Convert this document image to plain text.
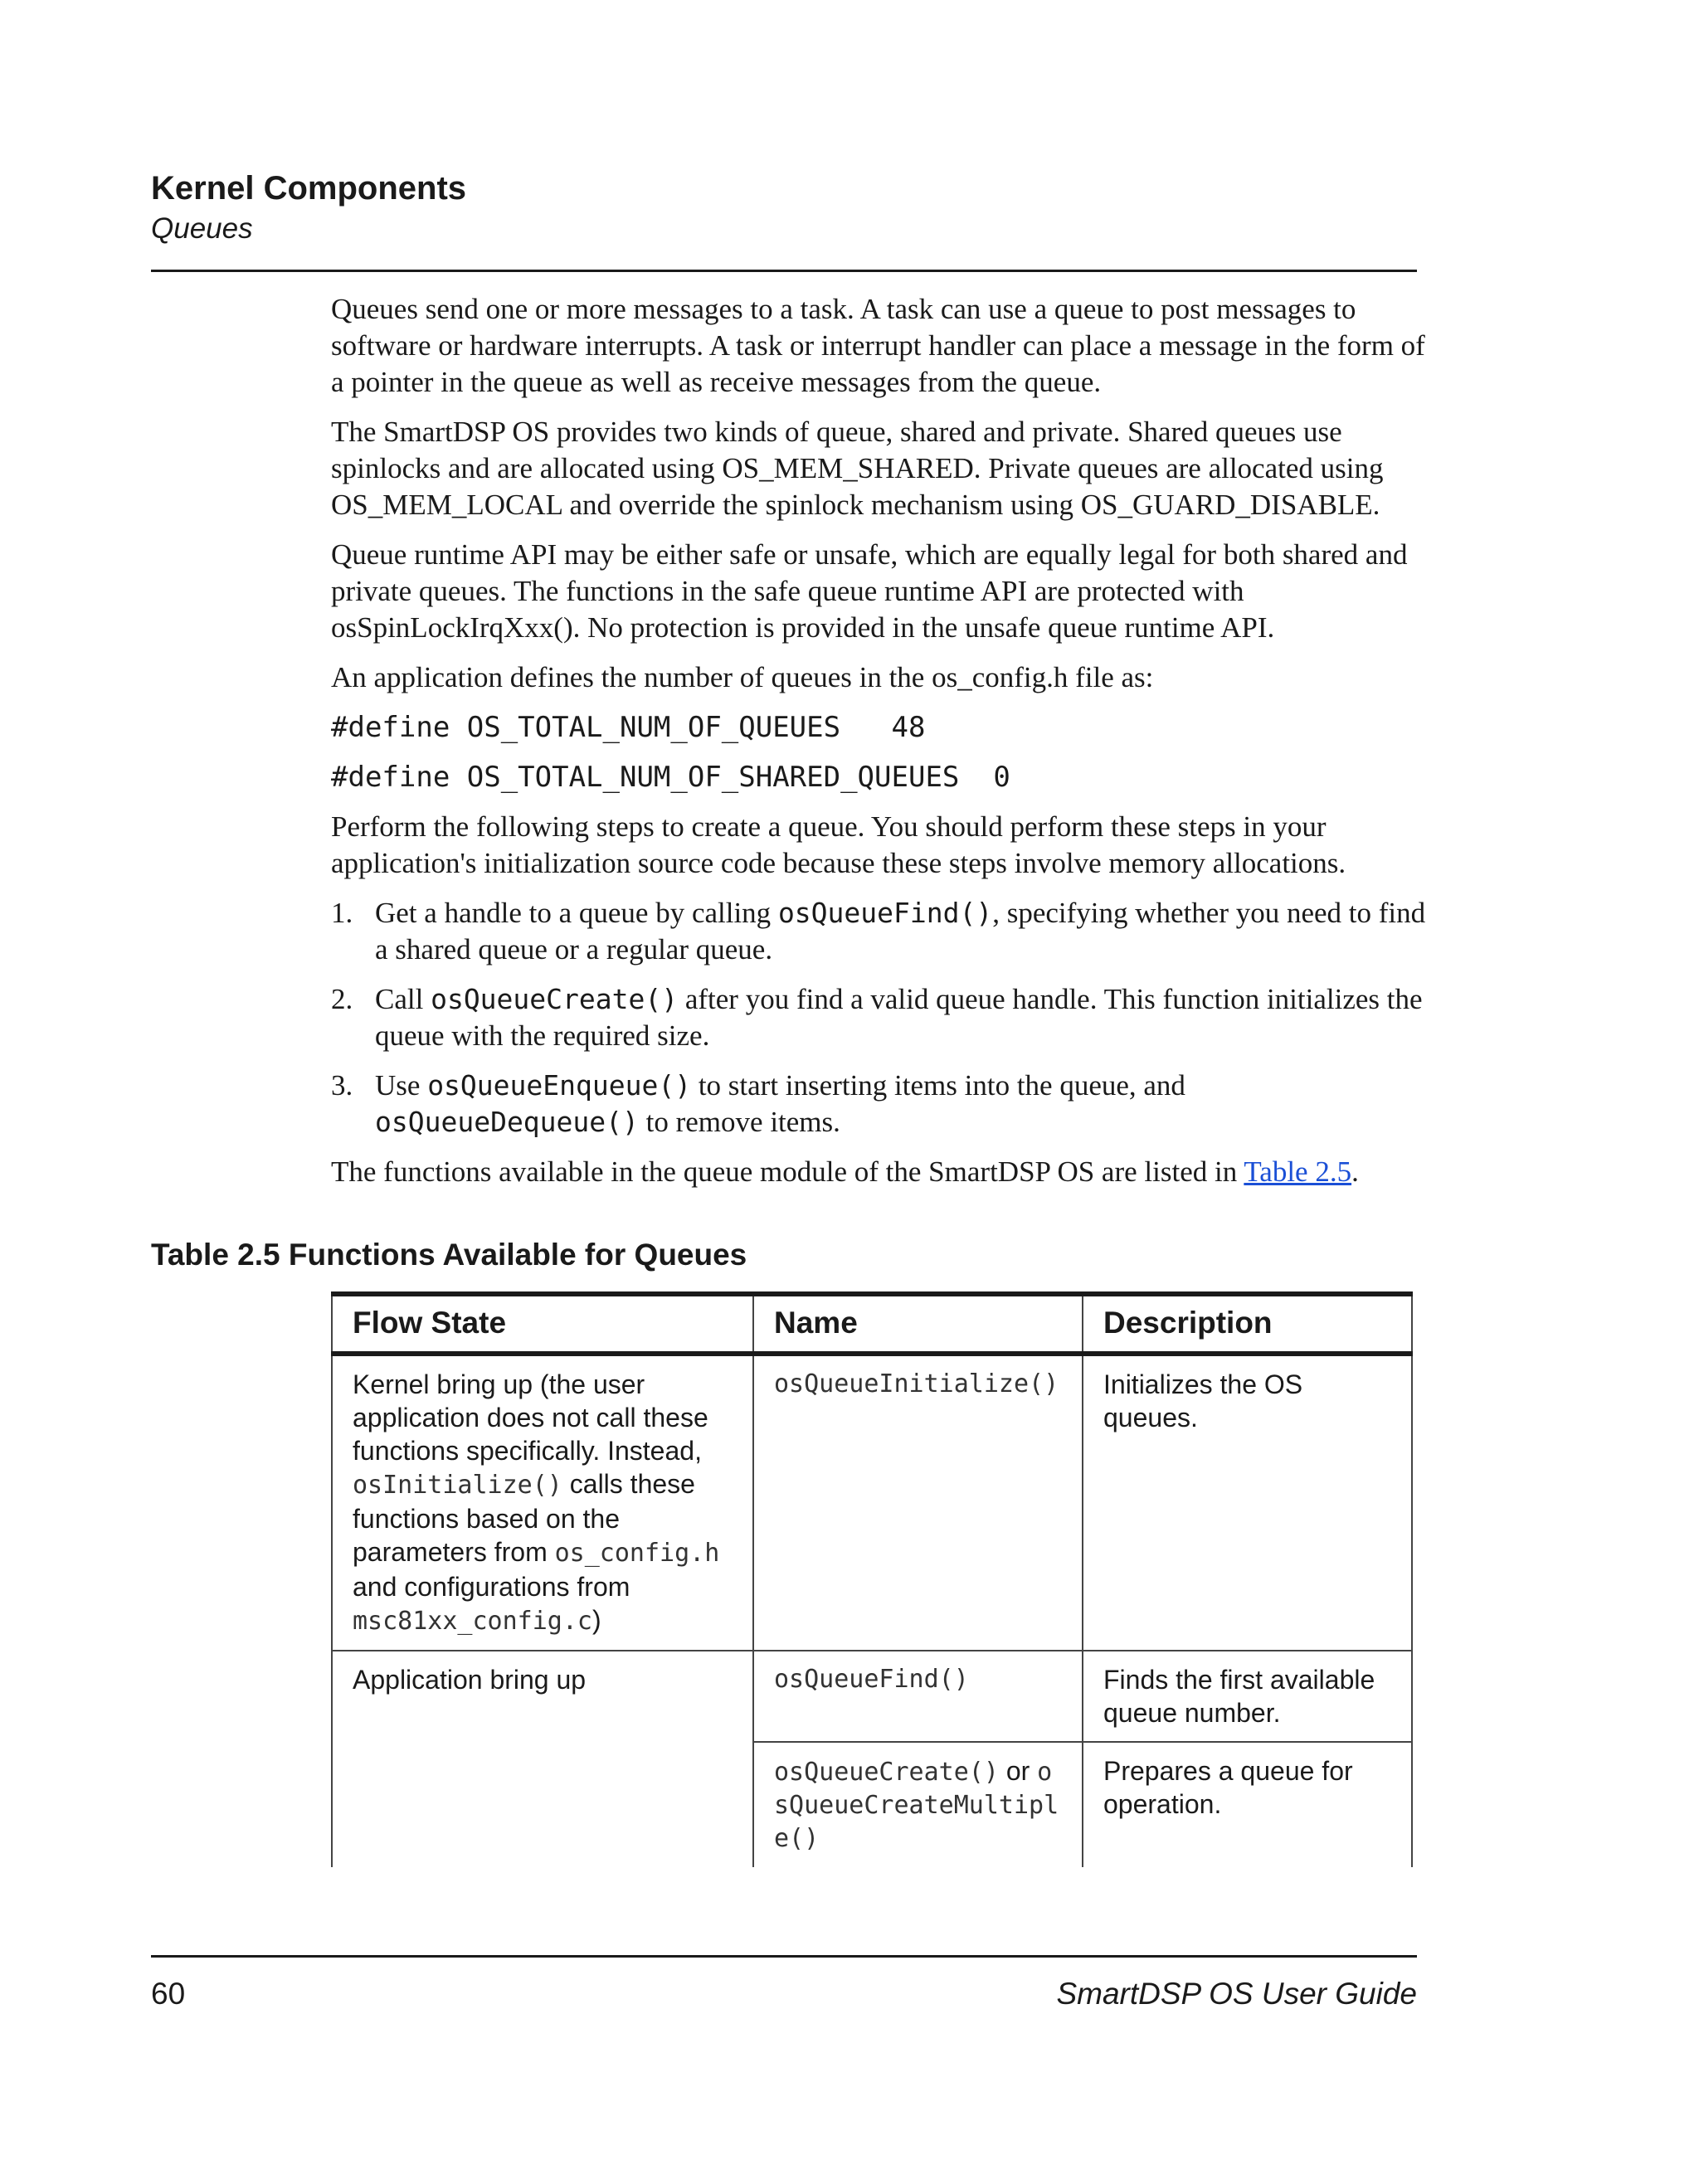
Kernel Components
Queues

Queues send one or more messages to a task. A task can use a queue to post messages to software or hardware interrupts. A task or interrupt handler can place a message in the form of a pointer in the queue as well as receive messages from the queue.

The SmartDSP OS provides two kinds of queue, shared and private. Shared queues use spinlocks and are allocated using OS_MEM_SHARED. Private queues are allocated using OS_MEM_LOCAL and override the spinlock mechanism using OS_GUARD_DISABLE.

Queue runtime API may be either safe or unsafe, which are equally legal for both shared and private queues. The functions in the safe queue runtime API are protected with osSpinLockIrqXxx(). No protection is provided in the unsafe queue runtime API.

An application defines the number of queues in the os_config.h file as:

#define OS_TOTAL_NUM_OF_QUEUES   48
#define OS_TOTAL_NUM_OF_SHARED_QUEUES  0

Perform the following steps to create a queue. You should perform these steps in your application's initialization source code because these steps involve memory allocations.

1. Get a handle to a queue by calling osQueueFind(), specifying whether you need to find a shared queue or a regular queue.
2. Call osQueueCreate() after you find a valid queue handle. This function initializes the queue with the required size.
3. Use osQueueEnqueue() to start inserting items into the queue, and osQueueDequeue() to remove items.

The functions available in the queue module of the SmartDSP OS are listed in Table 2.5.

Table 2.5 Functions Available for Queues
Flow State	Name	Description
Kernel bring up (the user application does not call these functions specifically. Instead, osInitialize() calls these functions based on the parameters from os_config.h and configurations from msc81xx_config.c)	osQueueInitialize()	Initializes the OS queues.
Application bring up	osQueueFind()	Finds the first available queue number.
	osQueueCreate() or osQueueCreateMultiple()	Prepares a queue for operation.
60	SmartDSP OS User Guide
